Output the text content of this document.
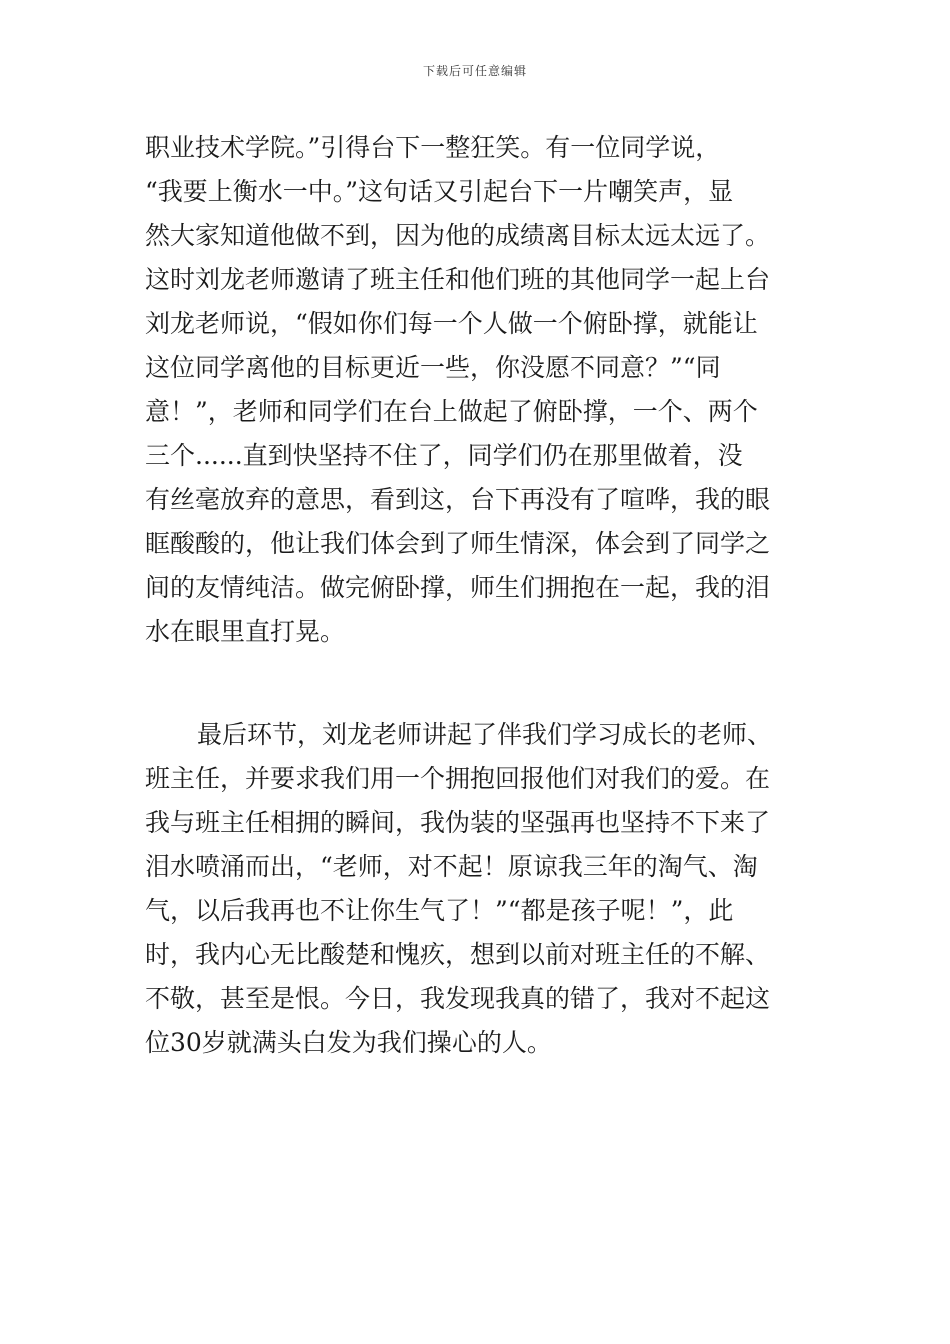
下载后可任意编辑
职业技术学院。”引得台下一整狂笑。有一位同学说，
“我要上衡水一中。”这句话又引起台下一片嘲笑声，显
然大家知道他做不到，因为他的成绩离目标太远太远了。
这时刘龙老师邀请了班主任和他们班的其他同学一起上台
刘龙老师说，“假如你们每一个人做一个俯卧撑，就能让
这位同学离他的目标更近一些，你没愿不同意？”“同
意！”，老师和同学们在台上做起了俯卧撑，一个、两个
三个......直到快坚持不住了，同学们仍在那里做着，没
有丝毫放弃的意思，看到这，台下再没有了喧哗，我的眼
眶酸酸的，他让我们体会到了师生情深，体会到了同学之
间的友情纯洁。做完俯卧撑，师生们拥抱在一起，我的泪
水在眼里直打晃。
最后环节，刘龙老师讲起了伴我们学习成长的老师、
班主任，并要求我们用一个拥抱回报他们对我们的爱。在
我与班主任相拥的瞬间，我伪装的坚强再也坚持不下来了
泪水喷涌而出，“老师，对不起！原谅我三年的淘气、淘
气，以后我再也不让你生气了！”“都是孩子呢！”，此
时，我内心无比酸楚和愧疚，想到以前对班主任的不解、
不敬，甚至是恨。今日，我发现我真的错了，我对不起这
位30岁就满头白发为我们操心的人。
